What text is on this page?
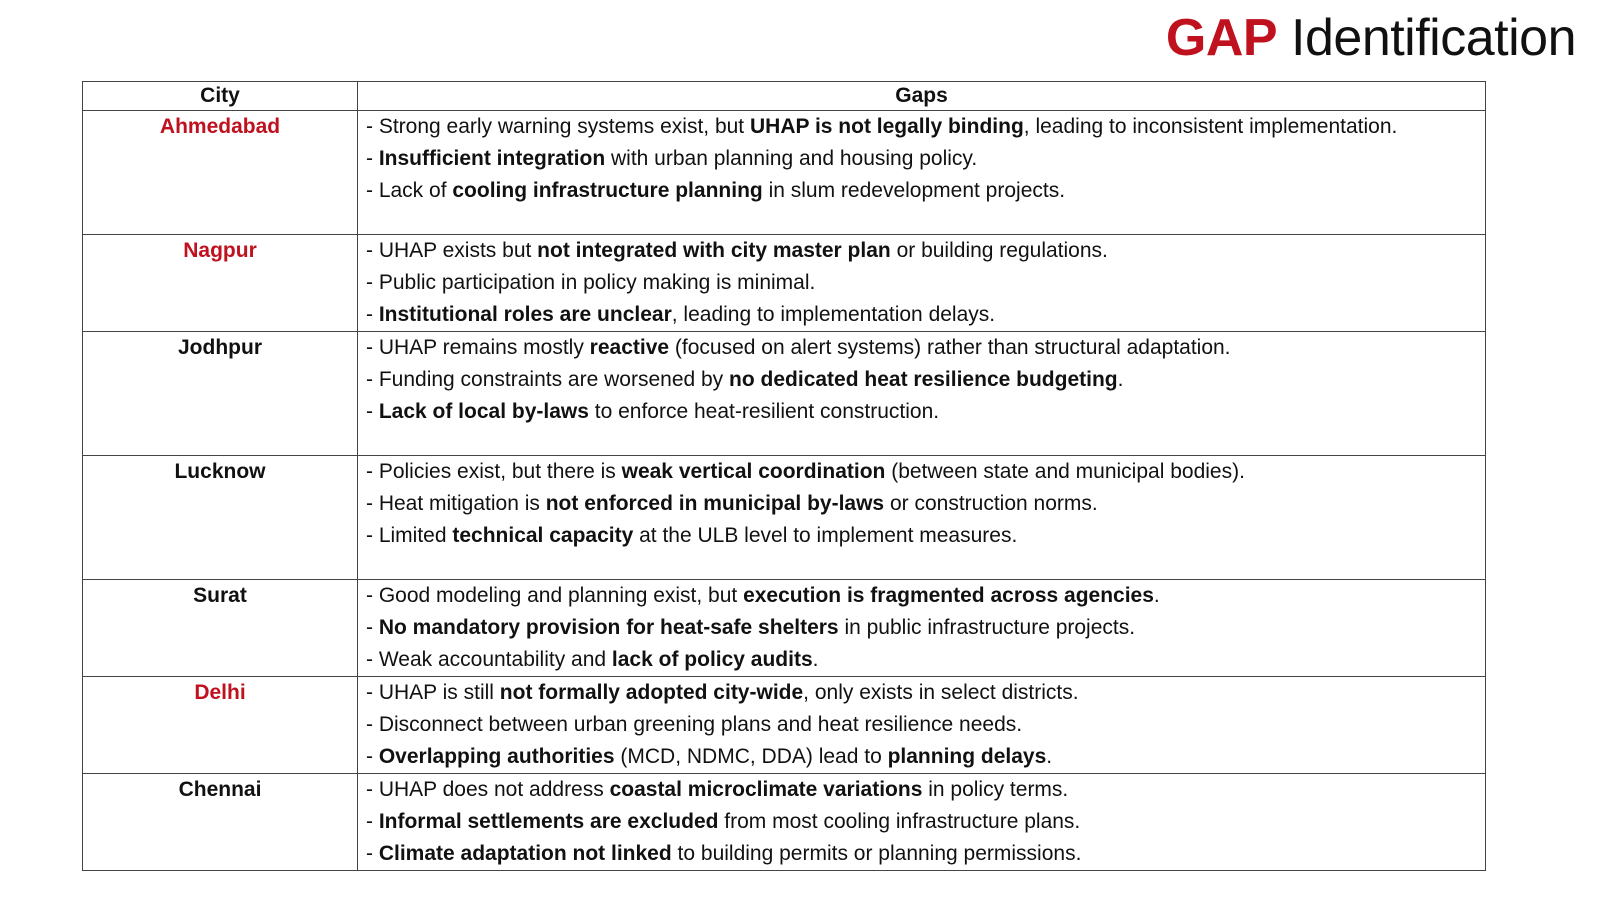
GAP Identification
City	Gaps
Ahmedabad	- Strong early warning systems exist, but UHAP is not legally binding, leading to inconsistent implementation.
- Insufficient integration with urban planning and housing policy.
- Lack of cooling infrastructure planning in slum redevelopment projects.

Nagpur	- UHAP exists but not integrated with city master plan or building regulations.
- Public participation in policy making is minimal.
- Institutional roles are unclear, leading to implementation delays.

Jodhpur	- UHAP remains mostly reactive (focused on alert systems) rather than structural adaptation.
- Funding constraints are worsened by no dedicated heat resilience budgeting.
- Lack of local by-laws to enforce heat-resilient construction.

Lucknow	- Policies exist, but there is weak vertical coordination (between state and municipal bodies).
- Heat mitigation is not enforced in municipal by-laws or construction norms.
- Limited technical capacity at the ULB level to implement measures.

Surat	- Good modeling and planning exist, but execution is fragmented across agencies.
- No mandatory provision for heat-safe shelters in public infrastructure projects.
- Weak accountability and lack of policy audits.

Delhi	- UHAP is still not formally adopted city-wide, only exists in select districts.
- Disconnect between urban greening plans and heat resilience needs.
- Overlapping authorities (MCD, NDMC, DDA) lead to planning delays.

Chennai	- UHAP does not address coastal microclimate variations in policy terms.
- Informal settlements are excluded from most cooling infrastructure plans.
- Climate adaptation not linked to building permits or planning permissions.
